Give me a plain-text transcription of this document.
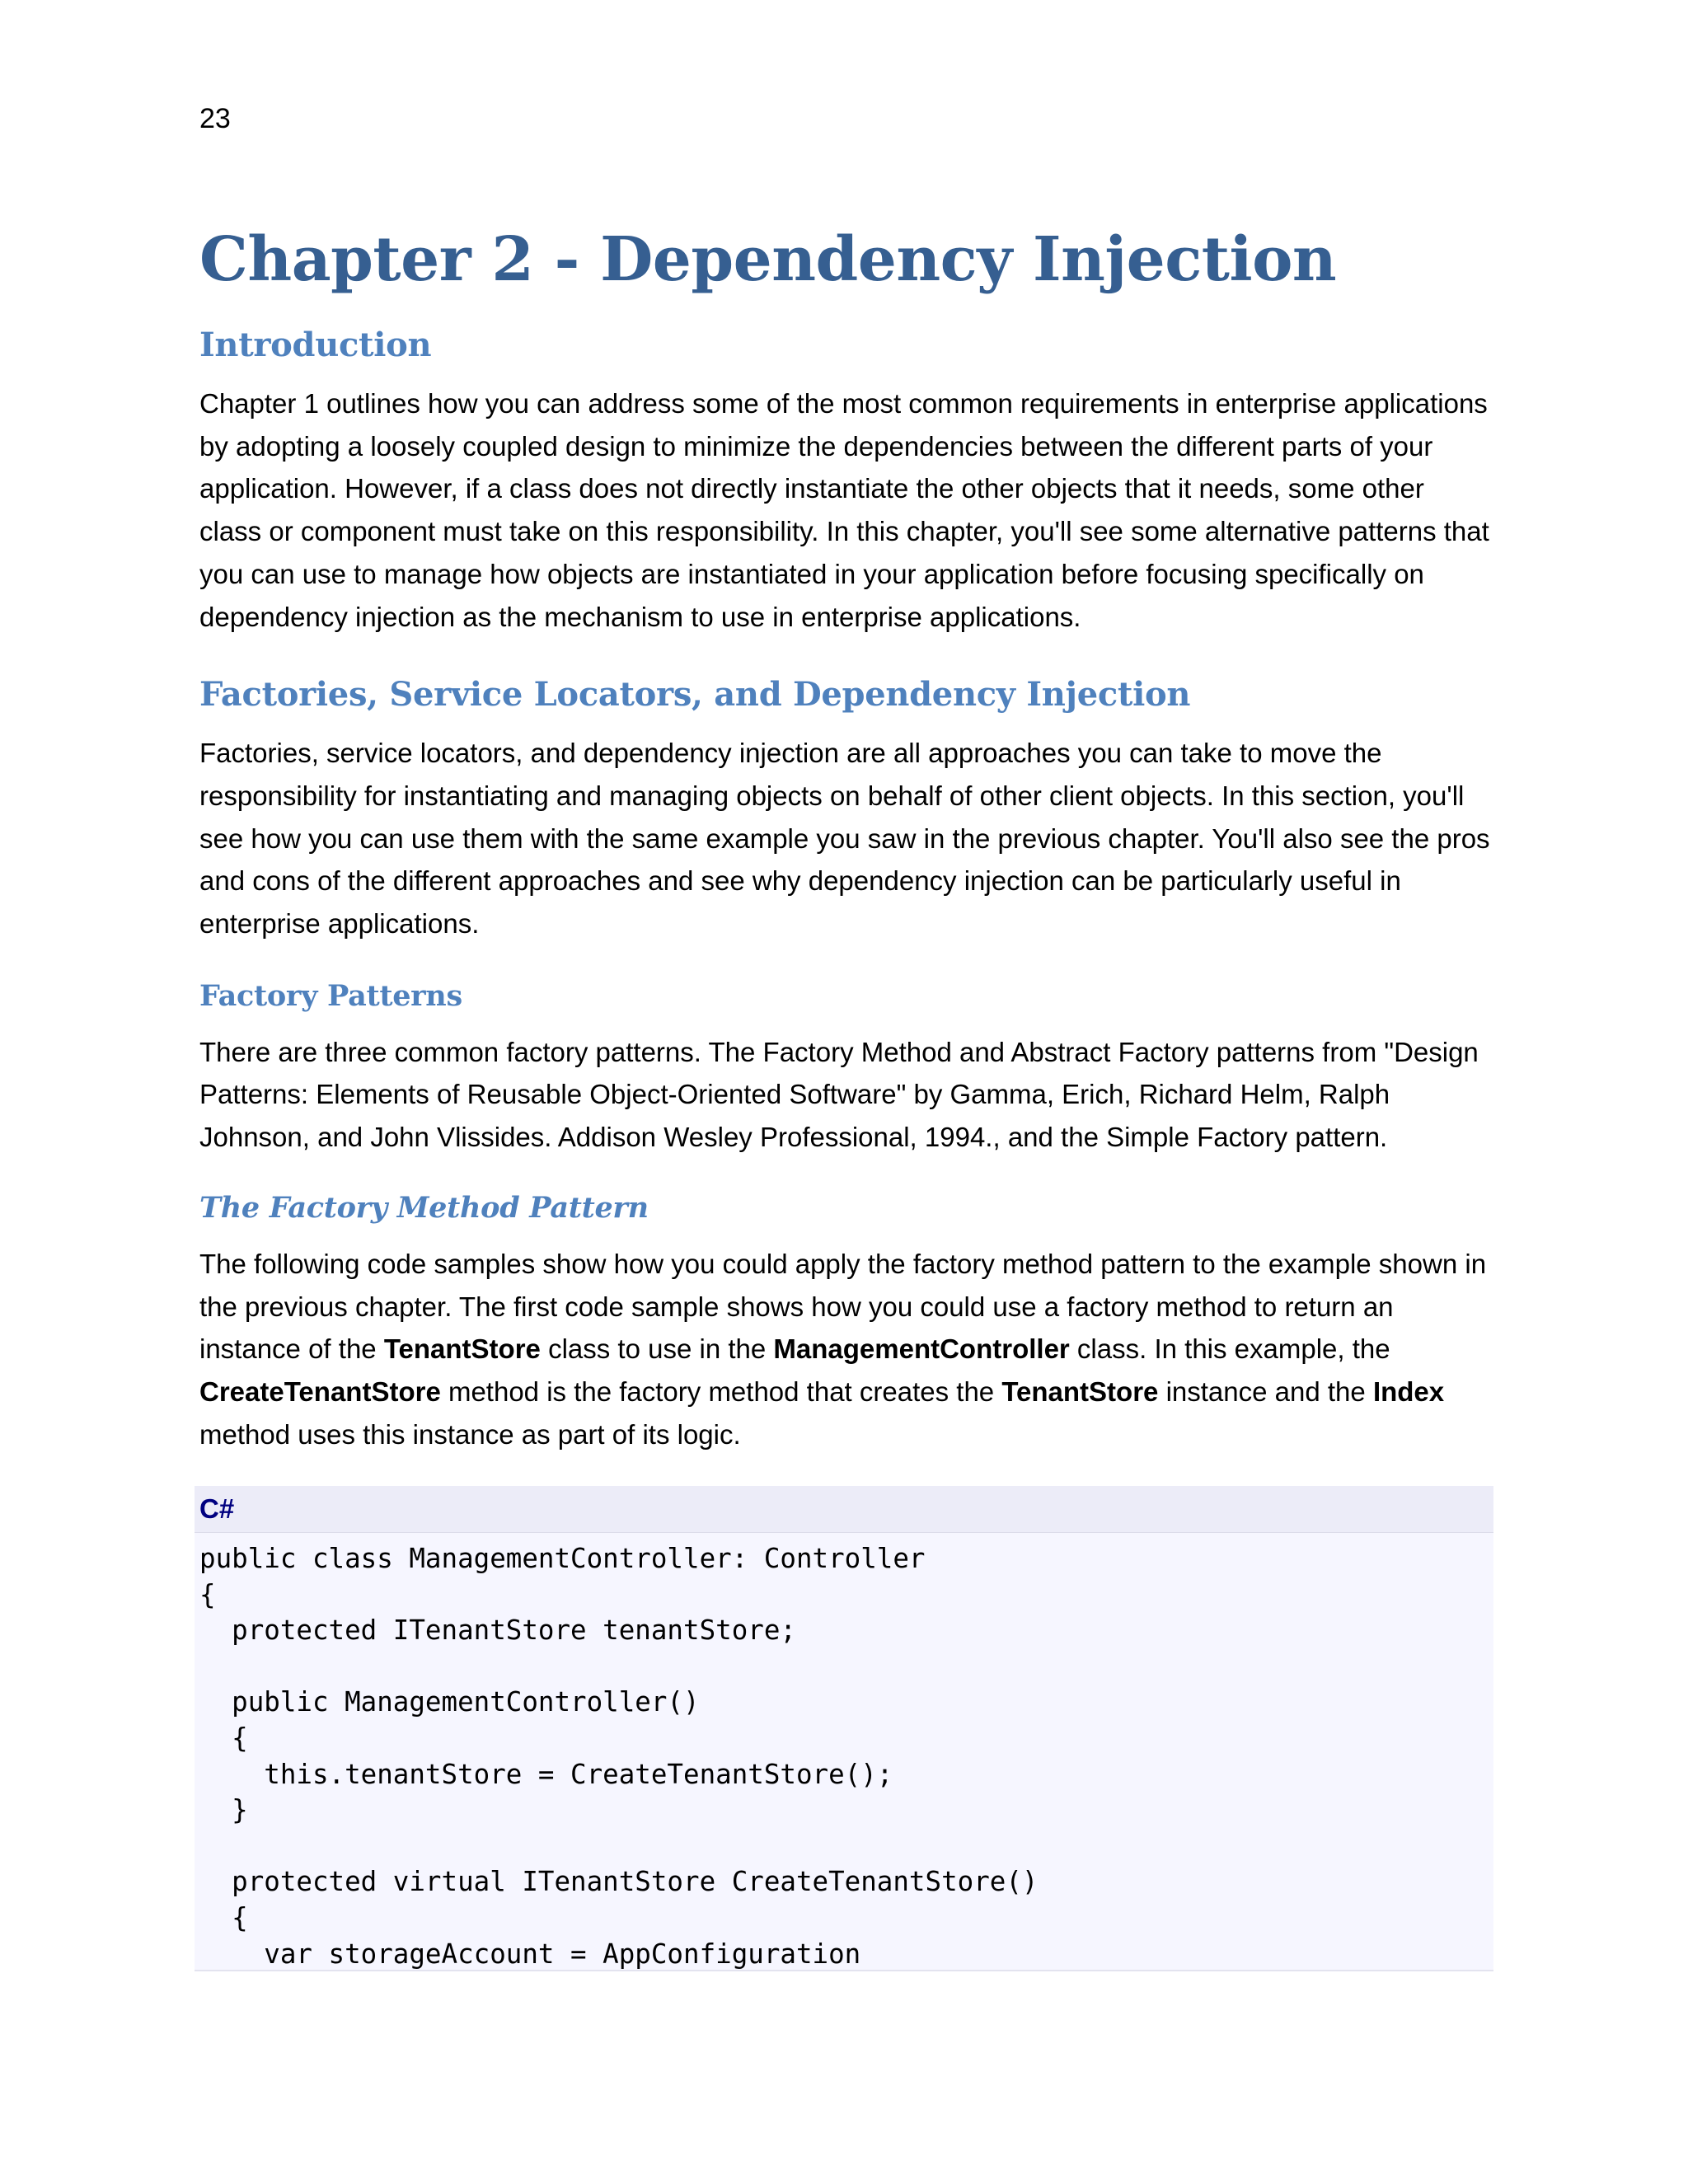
23
Chapter 2 - Dependency Injection
Introduction

Chapter 1 outlines how you can address some of the most common requirements in enterprise applications by adopting a loosely coupled design to minimize the dependencies between the different parts of your application. However, if a class does not directly instantiate the other objects that it needs, some other class or component must take on this responsibility. In this chapter, you'll see some alternative patterns that you can use to manage how objects are instantiated in your application before focusing specifically on dependency injection as the mechanism to use in enterprise applications.

Factories, Service Locators, and Dependency Injection

Factories, service locators, and dependency injection are all approaches you can take to move the responsibility for instantiating and managing objects on behalf of other client objects. In this section, you'll see how you can use them with the same example you saw in the previous chapter. You'll also see the pros and cons of the different approaches and see why dependency injection can be particularly useful in enterprise applications.

Factory Patterns

There are three common factory patterns. The Factory Method and Abstract Factory patterns from "Design Patterns: Elements of Reusable Object-Oriented Software" by Gamma, Erich, Richard Helm, Ralph Johnson, and John Vlissides. Addison Wesley Professional, 1994., and the Simple Factory pattern.

The Factory Method Pattern

The following code samples show how you could apply the factory method pattern to the example shown in the previous chapter. The first code sample shows how you could use a factory method to return an instance of the TenantStore class to use in the ManagementController class. In this example, the CreateTenantStore method is the factory method that creates the TenantStore instance and the Index method uses this instance as part of its logic.

C#
public class ManagementController: Controller
{
protected ITenantStore tenantStore;

public ManagementController()
{
this.tenantStore = CreateTenantStore();
}

protected virtual ITenantStore CreateTenantStore()
{
var storageAccount = AppConfiguration
